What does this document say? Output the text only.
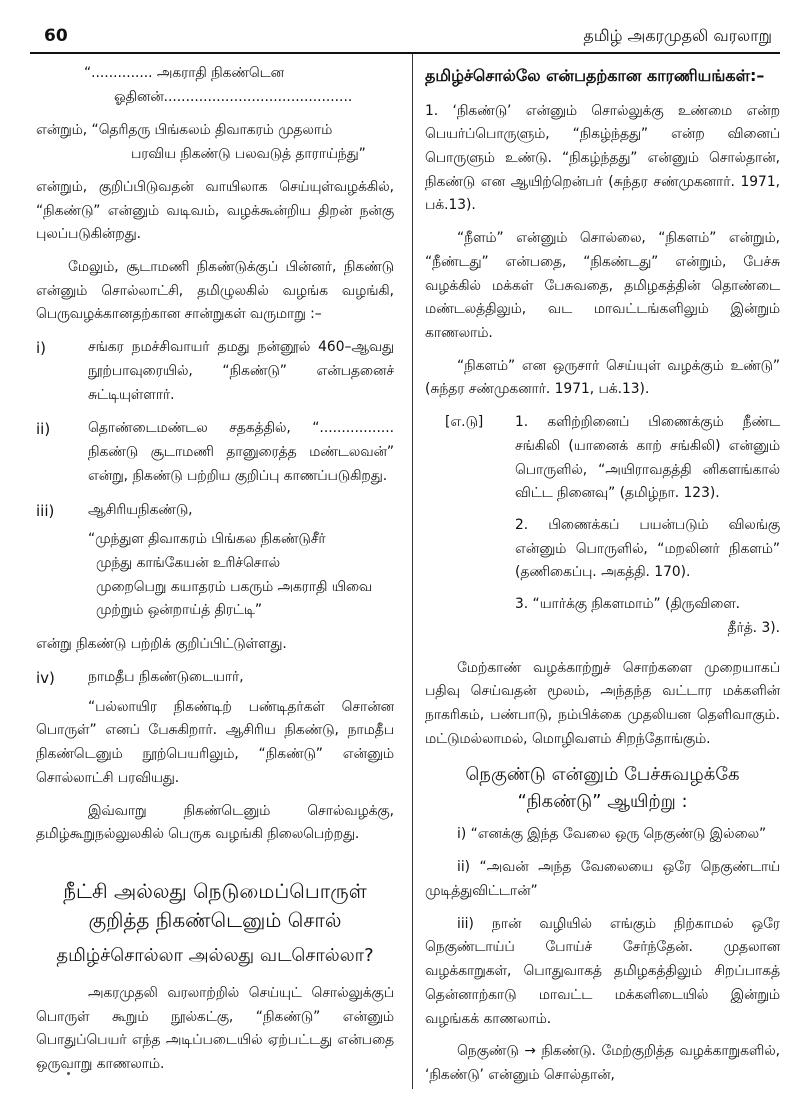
60	தமிழ் அகரமுதலி வரலாறு

“.............. அகராதி நிகண்டென

ஓதினன்...........................................

என்றும், “தெரிதரு பிங்கலம் திவாகரம் முதலாம்

பரவிய நிகண்டு பலவடுத் தாராய்ந்து”

என்றும், குறிப்பிடுவதன் வாயிலாக செய்யுள்வழக்கில், “நிகண்டு” என்னும் வடிவம், வழக்கூன்றிய திறன் நன்கு புலப்படுகின்றது.

மேலும், சூடாமணி நிகண்டுக்குப் பின்னர், நிகண்டு என்னும் சொல்லாட்சி, தமிழுலகில் வழங்க வழங்கி, பெருவழக்கானதற்கான சான்றுகள் வருமாறு :–

i)	சங்கர நமச்சிவாயர் தமது நன்னூல் 460–ஆவது நூற்பாவுரையில், “நிகண்டு” என்பதனைச் சுட்டியுள்ளார்.

ii)	தொண்டைமண்டல சதகத்தில், “................. நிகண்டு சூடாமணி தானுரைத்த மண்டலவன்” என்று, நிகண்டு பற்றிய குறிப்பு காணப்படுகிறது.

iii)	ஆசிரியநிகண்டு,

“முந்துள திவாகரம் பிங்கல நிகண்டுசீர்

முந்து காங்கேயன் உரிச்சொல்

முறைபெறு கயாதரம் பகரும் அகராதி யிவை

முற்றும் ஒன்றாய்த் திரட்டி”

என்று நிகண்டு பற்றிக் குறிப்பிட்டுள்ளது.

iv)	நாமதீப நிகண்டுடையார்,

“பல்லாயிர நிகண்டிற் பண்டிதர்கள் சொன்ன பொருள்” எனப் பேசுகிறார். ஆசிரிய நிகண்டு, நாமதீப நிகண்டெனும் நூற்பெயரிலும், “நிகண்டு” என்னும் சொல்லாட்சி பரவியது.

இவ்வாறு நிகண்டெனும் சொல்வழக்கு, தமிழ்கூறுநல்லுலகில் பெருக வழங்கி நிலைபெற்றது.

நீட்சி அல்லது நெடுமைப்பொருள்
குறித்த நிகண்டெனும் சொல்
தமிழ்ச்சொல்லா அல்லது வடசொல்லா?

அகரமுதலி வரலாற்றில் செய்யுட் சொல்லுக்குப் பொருள் கூறும் நூல்கட்கு, “நிகண்டு” என்னும் பொதுப்பெயர் எந்த அடிப்படையில் ஏற்பட்டது என்பதை ஒருவாறு காணலாம்.

தமிழ்ச்சொல்லே என்பதற்கான காரணியங்கள்:–

1. ‘நிகண்டு’ என்னும் சொல்லுக்கு உண்மை என்ற பெயர்ப்பொருளும், “நிகழ்ந்தது” என்ற வினைப் பொருளும் உண்டு. “நிகழ்ந்தது” என்னும் சொல்தான், நிகண்டு என ஆயிற்றென்பர் (சுந்தர சண்முகனார். 1971, பக்.13).

“நீளம்” என்னும் சொல்லை, “நிகளம்” என்றும், “நீண்டது” என்பதை, “நிகண்டது” என்றும், பேச்சு வழக்கில் மக்கள் பேசுவதை, தமிழகத்தின் தொண்டை மண்டலத்திலும், வட மாவட்டங்களிலும் இன்றும் காணலாம்.

“நிகளம்” என ஒருசார் செய்யுள் வழக்கும் உண்டு” (சுந்தர சண்முகனார். 1971, பக்.13).

[எ.டு]	1. களிற்றினைப் பிணைக்கும் நீண்ட சங்கிலி (யானைக் காற் சங்கிலி) என்னும் பொருளில், “அயிராவதத்தி னிகளங்கால் விட்ட நினைவு” (தமிழ்நா. 123).

2. பிணைக்கப் பயன்படும் விலங்கு என்னும் பொருளில், “மறலினர் நிகளம்” (தணிகைப்பு. அகத்தி. 170).

3. “யார்க்கு நிகளமாம்” (திருவிளை.

தீர்த். 3).

மேற்காண் வழக்காற்றுச் சொற்களை முறையாகப் பதிவு செய்வதன் மூலம், அந்தந்த வட்டார மக்களின் நாகரிகம், பண்பாடு, நம்பிக்கை முதலியன தெளிவாகும். மட்டுமல்லாமல், மொழிவளம் சிறந்தோங்கும்.

நெகுண்டு என்னும் பேச்சுவழக்கே
“நிகண்டு” ஆயிற்று :

i) “எனக்கு இந்த வேலை ஒரு நெகுண்டு இல்லை”

ii) “அவன் அந்த வேலையை ஒரே நெகுண்டாய் முடித்துவிட்டான்”

iii) நான் வழியில் எங்கும் நிற்காமல் ஒரே நெகுண்டாய்ப் போய்ச் சேர்ந்தேன். முதலான வழக்காறுகள், பொதுவாகத் தமிழகத்திலும் சிறப்பாகத் தென்னாற்காடு மாவட்ட மக்களிடையில் இன்றும் வழங்கக் காணலாம்.

நெகுண்டு → நிகண்டு. மேற்குறித்த வழக்காறுகளில், ‘நிகண்டு’ என்னும் சொல்தான்,
